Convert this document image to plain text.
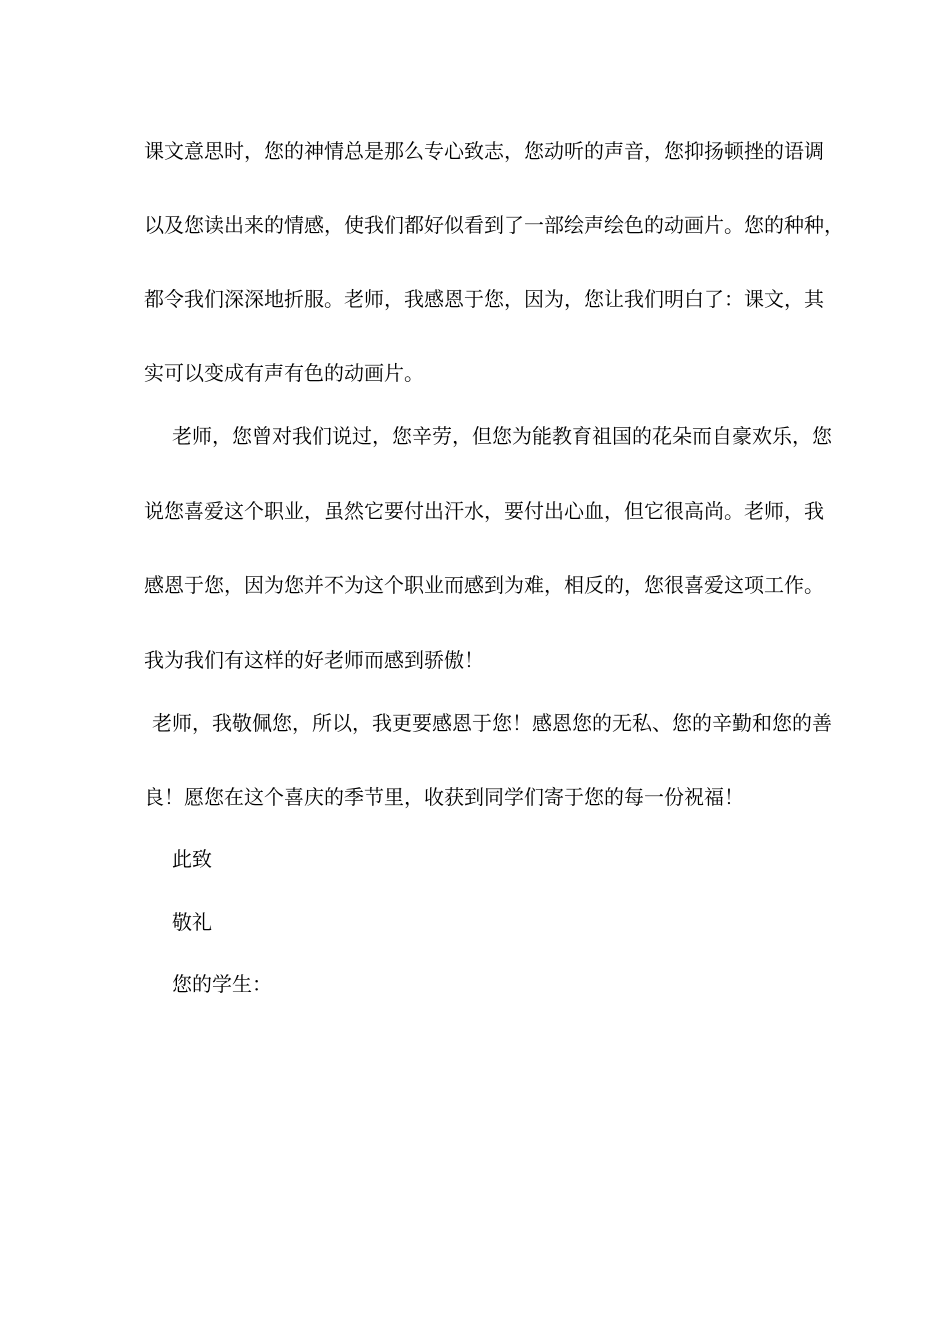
课文意思时，您的神情总是那么专心致志，您动听的声音，您抑扬顿挫的语调
以及您读出来的情感，使我们都好似看到了一部绘声绘色的动画片。您的种种，
都令我们深深地折服。老师，我感恩于您，因为，您让我们明白了：课文，其
实可以变成有声有色的动画片。
老师，您曾对我们说过，您辛劳，但您为能教育祖国的花朵而自豪欢乐，您
说您喜爱这个职业，虽然它要付出汗水，要付出心血，但它很高尚。老师，我
感恩于您，因为您并不为这个职业而感到为难，相反的，您很喜爱这项工作。
我为我们有这样的好老师而感到骄傲！
老师，我敬佩您，所以，我更要感恩于您！感恩您的无私、您的辛勤和您的善
良！愿您在这个喜庆的季节里，收获到同学们寄于您的每一份祝福！
此致
敬礼
您的学生：
